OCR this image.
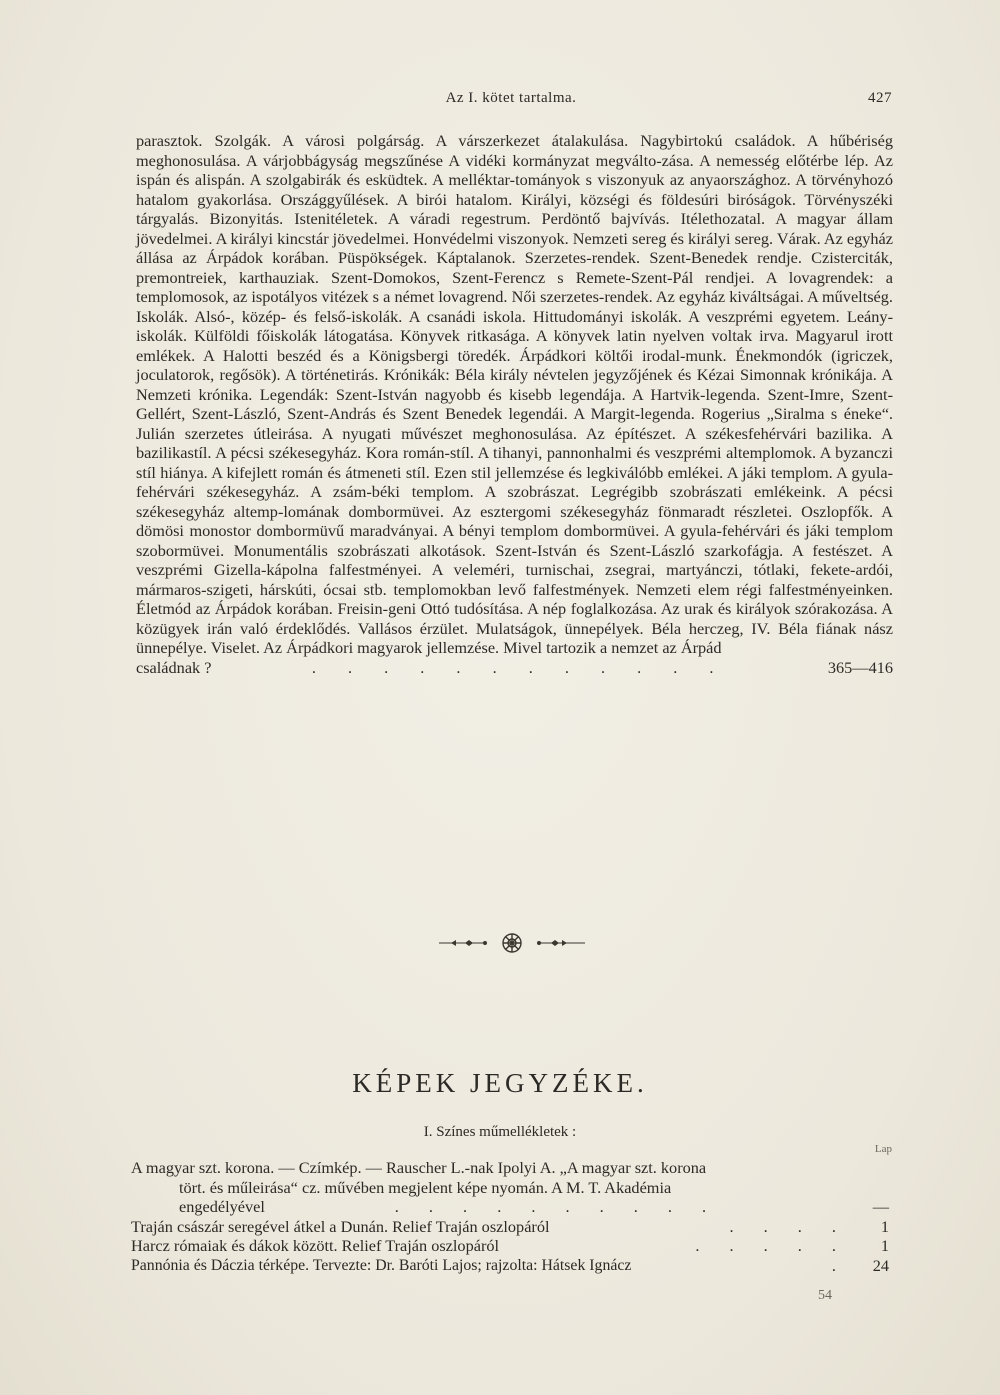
Az I. kötet tartalma.	427
parasztok. Szolgák. A városi polgárság. A várszerkezet átalakulása. Nagybirtokú családok. A hűbériség meghonosulása. A várjobbágyság megszűnése A vidéki kormányzat megválto-zása. A nemesség előtérbe lép. Az ispán és alispán. A szolgabirák és esküdtek. A melléktar-tományok s viszonyuk az anyaországhoz. A törvényhozó hatalom gyakorlása. Országgyűlések. A birói hatalom. Királyi, községi és földesúri biróságok. Törvényszéki tárgyalás. Bizonyitás. Istenitéletek. A váradi regestrum. Perdöntő bajvívás. Itélethozatal. A magyar állam jövedelmei. A királyi kincstár jövedelmei. Honvédelmi viszonyok. Nemzeti sereg és királyi sereg. Várak. Az egyház állása az Árpádok korában. Püspökségek. Káptalanok. Szerzetes-rendek. Szent-Benedek rendje. Czisterciták, premontreiek, karthauziak. Szent-Domokos, Szent-Ferencz s Remete-Szent-Pál rendjei. A lovagrendek: a templomosok, az ispotályos vitézek s a német lovagrend. Női szerzetes-rendek. Az egyház kiváltságai. A műveltség. Iskolák. Alsó-, közép- és felső-iskolák. A csanádi iskola. Hittudományi iskolák. A veszprémi egyetem. Leány-iskolák. Külföldi főiskolák látogatása. Könyvek ritkasága. A könyvek latin nyelven voltak irva. Magyarul irott emlékek. A Halotti beszéd és a Königsbergi töredék. Árpádkori költői irodal-munk. Énekmondók (igriczek, joculatorok, regősök). A történetirás. Krónikák: Béla király névtelen jegyzőjének és Kézai Simonnak krónikája. A Nemzeti krónika. Legendák: Szent-István nagyobb és kisebb legendája. A Hartvik-legenda. Szent-Imre, Szent-Gellért, Szent-László, Szent-András és Szent Benedek legendái. A Margit-legenda. Rogerius „Siralma s éneke“. Julián szerzetes útleirása. A nyugati művészet meghonosulása. Az építészet. A székesfehérvári bazilika. A bazilikastíl. A pécsi székesegyház. Kora román-stíl. A tihanyi, pannonhalmi és veszprémi altemplomok. A byzanczi stíl hiánya. A kifejlett román és átmeneti stíl. Ezen stil jellemzése és legkiválóbb emlékei. A jáki templom. A gyula-fehérvári székesegyház. A zsám-béki templom. A szobrászat. Legrégibb szobrászati emlékeink. A pécsi székesegyház altemp-lomának dombormüvei. Az esztergomi székesegyház fönmaradt részletei. Oszlopfők. A dömösi monostor dombormüvű maradványai. A bényi templom dombormüvei. A gyula-fehérvári és jáki templom szobormüvei. Monumentális szobrászati alkotások. Szent-István és Szent-László szarkofágja. A festészet. A veszprémi Gizella-kápolna falfestményei. A veleméri, turnischai, zsegrai, martyánczi, tótlaki, fekete-ardói, mármaros-szigeti, hárskúti, ócsai stb. templomokban levő falfestmények. Nemzeti elem régi falfestményeinken. Életmód az Árpádok korában. Freisin-geni Ottó tudósítása. A nép foglalkozása. Az urak és királyok szórakozása. A közügyek irán való érdeklődés. Vallásos érzület. Mulatságok, ünnepélyek. Béla herczeg, IV. Béla fiának nász ünnepélye. Viselet. Az Árpádkori magyarok jellemzése. Mivel tartozik a nemzet az Árpád
családnak ?	. . . . . . . . . . . .	365—416
KÉPEK JEGYZÉKE.
I. Színes műmellékletek :
Lap
A magyar szt. korona. — Czímkép. — Rauscher L.-nak Ipolyi A. „A magyar szt. korona
tört. és műleirása“ cz. művében megjelent képe nyomán. A M. T. Akadémia
engedélyével	. . . . . . . . . .	—
Traján császár seregével átkel a Dunán. Relief Traján oszlopáról	. . . .	1
Harcz rómaiak és dákok között. Relief Traján oszlopáról	. . . . .	1
Pannónia és Dáczia térképe. Tervezte: Dr. Baróti Lajos; rajzolta: Hátsek Ignácz	.	24
54
